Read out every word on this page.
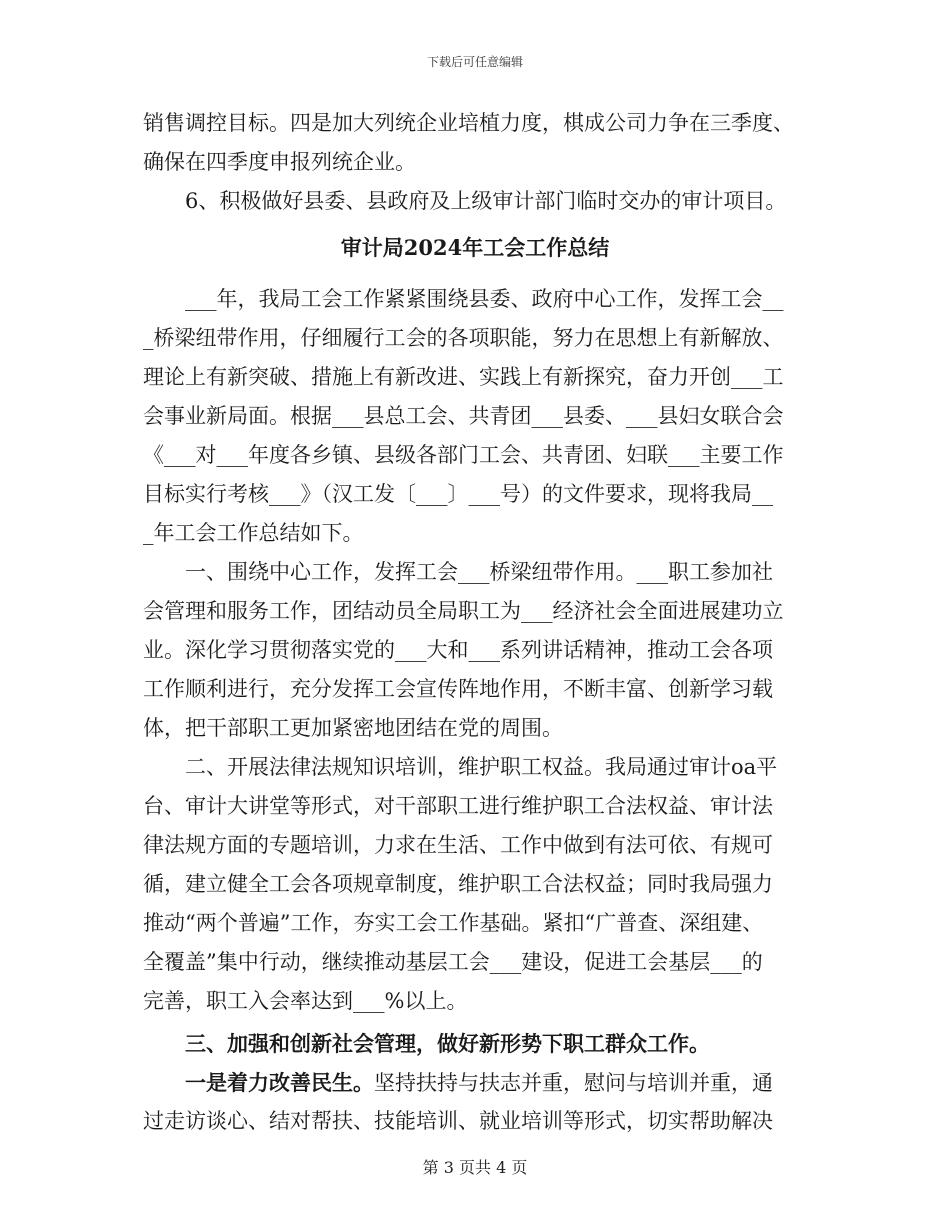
下载后可任意编辑
销售调控目标。四是加大列统企业培植力度，棋成公司力争在三季度、
确保在四季度申报列统企业。
　　6、积极做好县委、县政府及上级审计部门临时交办的审计项目。
审计局2024年工会工作总结
　　___年，我局工会工作紧紧围绕县委、政府中心工作，发挥工会__
_桥梁纽带作用，仔细履行工会的各项职能，努力在思想上有新解放、
理论上有新突破、措施上有新改进、实践上有新探究，奋力开创___工
会事业新局面。根据___县总工会、共青团___县委、___县妇女联合会
《___对___年度各乡镇、县级各部门工会、共青团、妇联___主要工作
目标实行考核___》（汉工发〔___〕___号）的文件要求，现将我局__
_年工会工作总结如下。
　　一、围绕中心工作，发挥工会___桥梁纽带作用。___职工参加社
会管理和服务工作，团结动员全局职工为___经济社会全面进展建功立
业。深化学习贯彻落实党的___大和___系列讲话精神，推动工会各项
工作顺利进行，充分发挥工会宣传阵地作用，不断丰富、创新学习载
体，把干部职工更加紧密地团结在党的周围。
　　二、开展法律法规知识培训，维护职工权益。我局通过审计oa平
台、审计大讲堂等形式，对干部职工进行维护职工合法权益、审计法
律法规方面的专题培训，力求在生活、工作中做到有法可依、有规可
循，建立健全工会各项规章制度，维护职工合法权益；同时我局强力
推动“两个普遍”工作，夯实工会工作基础。紧扣“广普查、深组建、
全覆盖”集中行动，继续推动基层工会___建设，促进工会基层___的
完善，职工入会率达到___%以上。
　　三、加强和创新社会管理，做好新形势下职工群众工作。
　　一是着力改善民生。坚持扶持与扶志并重，慰问与培训并重，通
过走访谈心、结对帮扶、技能培训、就业培训等形式，切实帮助解决
第 3 页共 4 页
